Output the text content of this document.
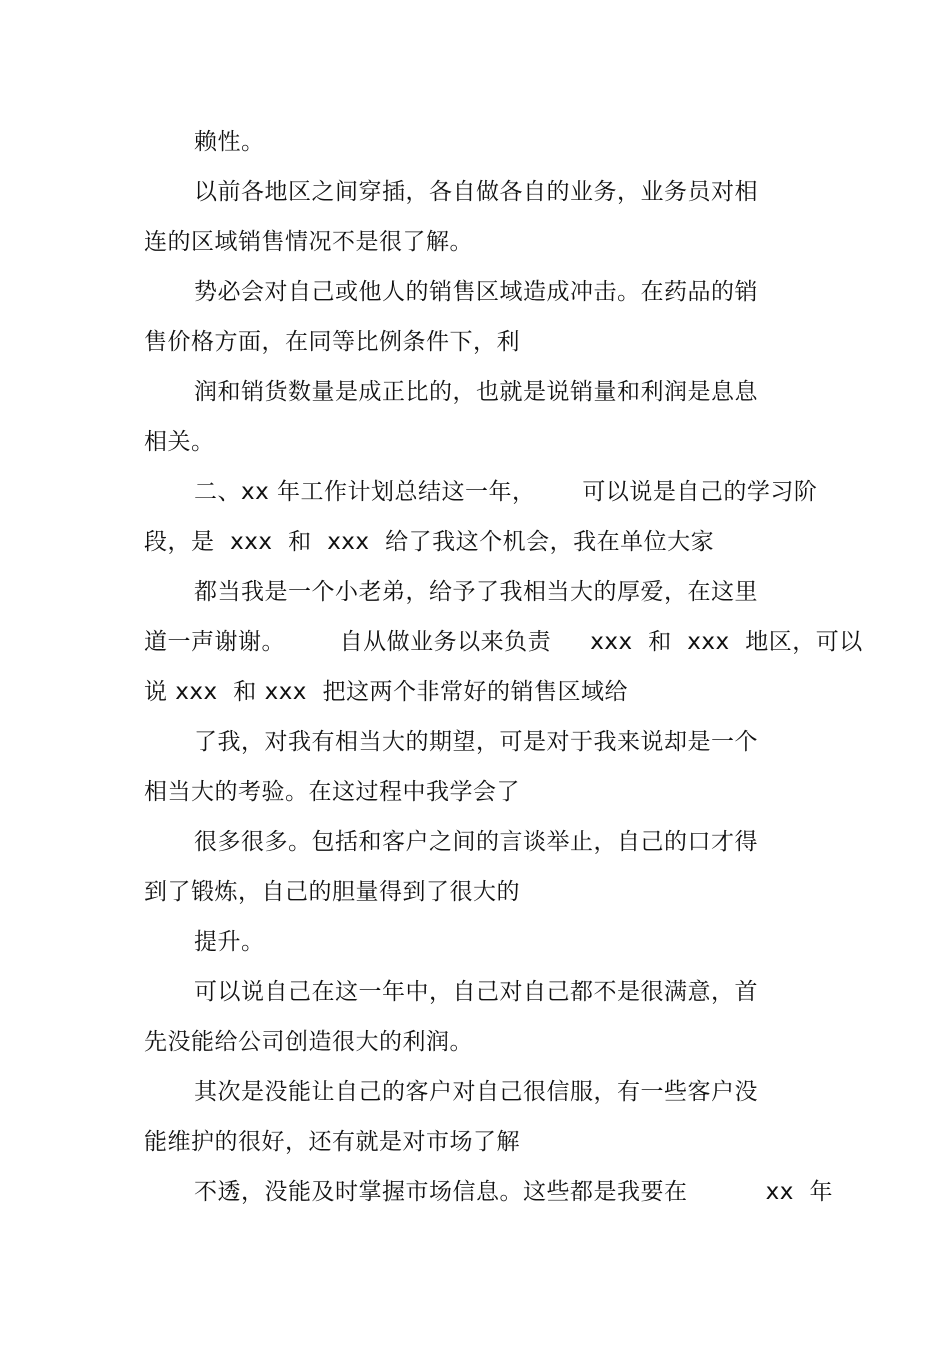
赖性。
以前各地区之间穿插，各自做各自的业务，业务员对相
连的区域销售情况不是很了解。
势必会对自己或他人的销售区域造成冲击。在药品的销
售价格方面，在同等比例条件下，利
润和销货数量是成正比的，也就是说销量和利润是息息
相关。
二、xx 年工作计划总结这一年，      可以说是自己的学习阶
段，是  xxx  和  xxx  给了我这个机会，我在单位大家
都当我是一个小老弟，给予了我相当大的厚爱，在这里
道一声谢谢。       自从做业务以来负责     xxx  和  xxx  地区，可以
说 xxx  和 xxx  把这两个非常好的销售区域给
了我，对我有相当大的期望，可是对于我来说却是一个
相当大的考验。在这过程中我学会了
很多很多。包括和客户之间的言谈举止，自己的口才得
到了锻炼，自己的胆量得到了很大的
提升。
可以说自己在这一年中，自己对自己都不是很满意，首
先没能给公司创造很大的利润。
其次是没能让自己的客户对自己很信服，有一些客户没
能维护的很好，还有就是对市场了解
不透，没能及时掌握市场信息。这些都是我要在          xx  年
